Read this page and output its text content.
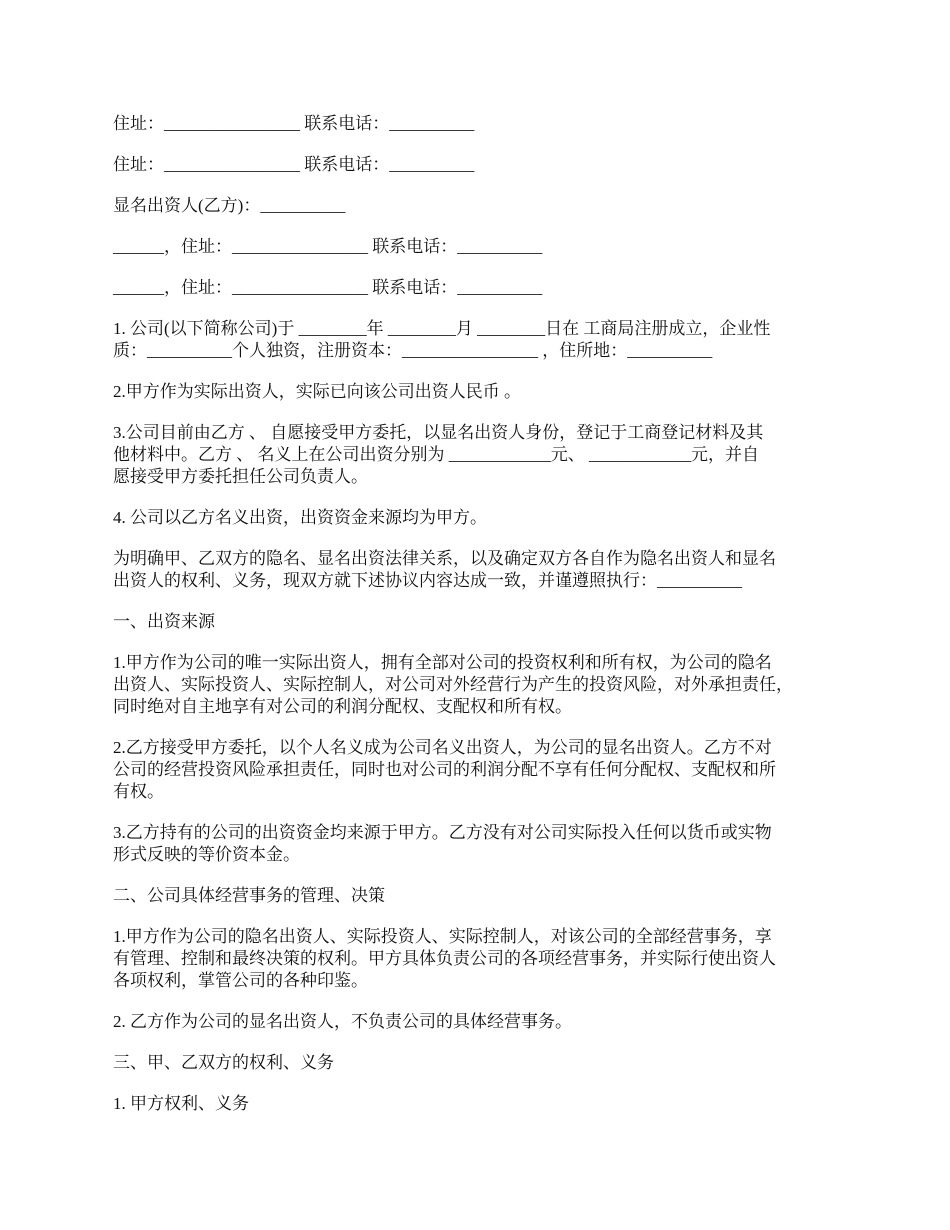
住址：________________ 联系电话：__________

住址：________________ 联系电话：__________

显名出资人(乙方)：__________

______，住址：________________ 联系电话：__________

______，住址：________________ 联系电话：__________

1. 公司(以下简称公司)于 ________年 ________月 ________日在 工商局注册成立，企业性
质：__________个人独资，注册资本：________________ ，住所地：__________

2.甲方作为实际出资人，实际已向该公司出资人民币 。

3.公司目前由乙方 、 自愿接受甲方委托，以显名出资人身份，登记于工商登记材料及其
他材料中。乙方 、 名义上在公司出资分别为 ____________元、 ____________元，并自
愿接受甲方委托担任公司负责人。

4. 公司以乙方名义出资，出资资金来源均为甲方。

为明确甲、乙双方的隐名、显名出资法律关系，以及确定双方各自作为隐名出资人和显名
出资人的权利、义务，现双方就下述协议内容达成一致，并谨遵照执行：__________

一、出资来源

1.甲方作为公司的唯一实际出资人，拥有全部对公司的投资权利和所有权，为公司的隐名
出资人、实际投资人、实际控制人，对公司对外经营行为产生的投资风险，对外承担责任，
同时绝对自主地享有对公司的利润分配权、支配权和所有权。

2.乙方接受甲方委托，以个人名义成为公司名义出资人，为公司的显名出资人。乙方不对
公司的经营投资风险承担责任，同时也对公司的利润分配不享有任何分配权、支配权和所
有权。

3.乙方持有的公司的出资资金均来源于甲方。乙方没有对公司实际投入任何以货币或实物
形式反映的等价资本金。

二、公司具体经营事务的管理、决策

1.甲方作为公司的隐名出资人、实际投资人、实际控制人，对该公司的全部经营事务，享
有管理、控制和最终决策的权利。甲方具体负责公司的各项经营事务，并实际行使出资人
各项权利，掌管公司的各种印鉴。

2. 乙方作为公司的显名出资人，不负责公司的具体经营事务。

三、甲、乙双方的权利、义务

1. 甲方权利、义务
